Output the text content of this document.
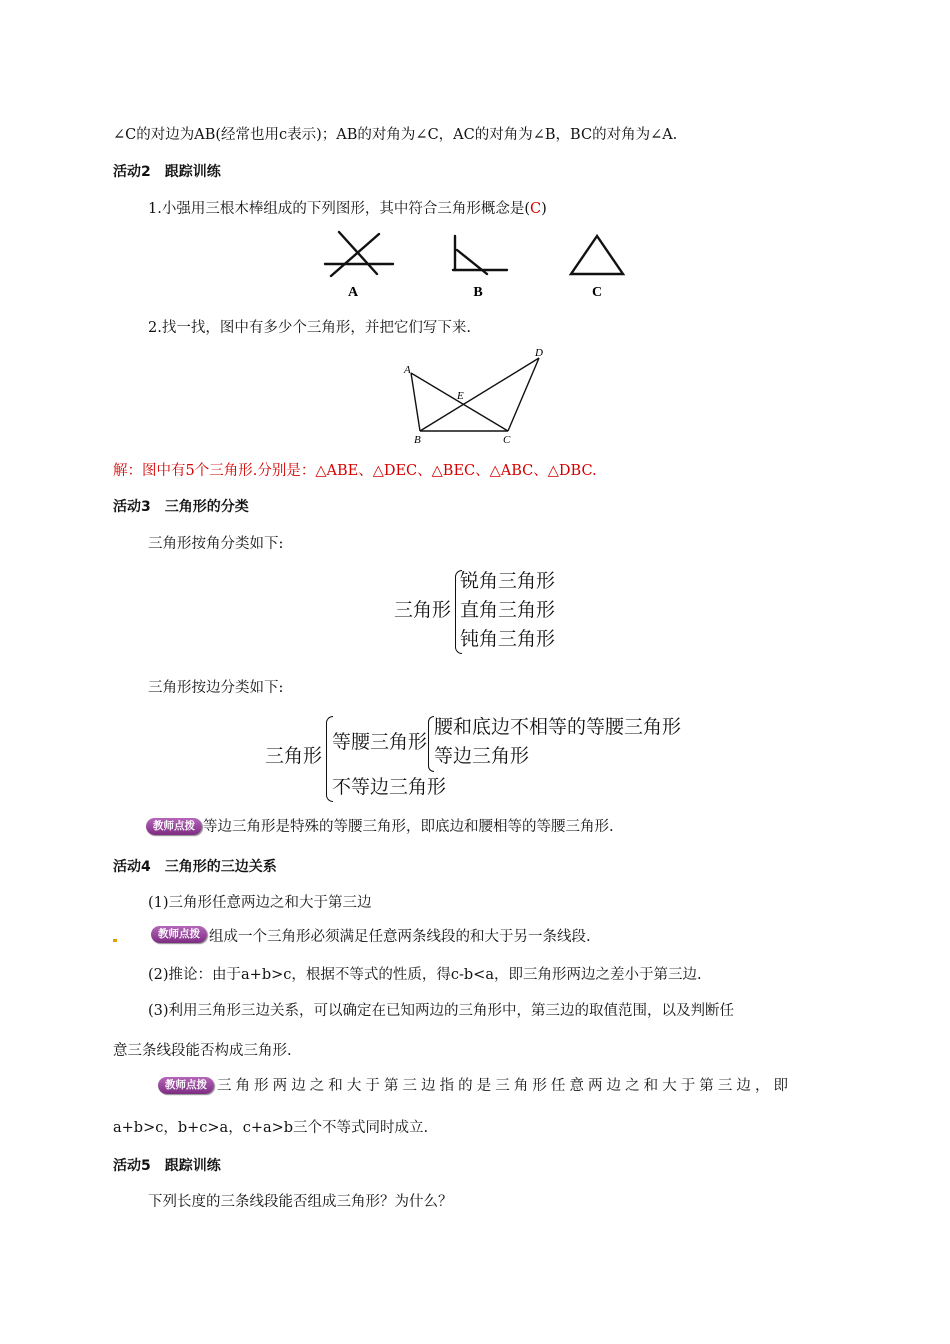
∠C的对边为AB(经常也用c表示)；AB的对角为∠C，AC的对角为∠B，BC的对角为∠A.
活动2　跟踪训练
1.小强用三根木棒组成的下列图形，其中符合三角形概念是(C)
A	B	C
2.找一找，图中有多少个三角形，并把它们写下来.
A
B	C
D
E
解：图中有5个三角形.分别是：△ABE、△DEC、△BEC、△ABC、△DBC.
活动3　三角形的分类
三角形按角分类如下:
三角形
锐角三角形
直角三角形
钝角三角形
三角形按边分类如下:
三角形
等腰三角形
腰和底边不相等的等腰三角形
等边三角形
不等边三角形
教师点拨 等边三角形是特殊的等腰三角形，即底边和腰相等的等腰三角形.
活动4　三角形的三边关系
(1)三角形任意两边之和大于第三边
教师点拨 组成一个三角形必须满足任意两条线段的和大于另一条线段.
(2)推论：由于a+b>c，根据不等式的性质，得c-b<a，即三角形两边之差小于第三边.
(3)利用三角形三边关系，可以确定在已知两边的三角形中，第三边的取值范围，以及判断任
意三条线段能否构成三角形.
教师点拨 三角形两边之和大于第三边指的是三角形任意两边之和大于第三边，即
a+b>c，b+c>a，c+a>b三个不等式同时成立.
活动5　跟踪训练
下列长度的三条线段能否组成三角形？为什么？
